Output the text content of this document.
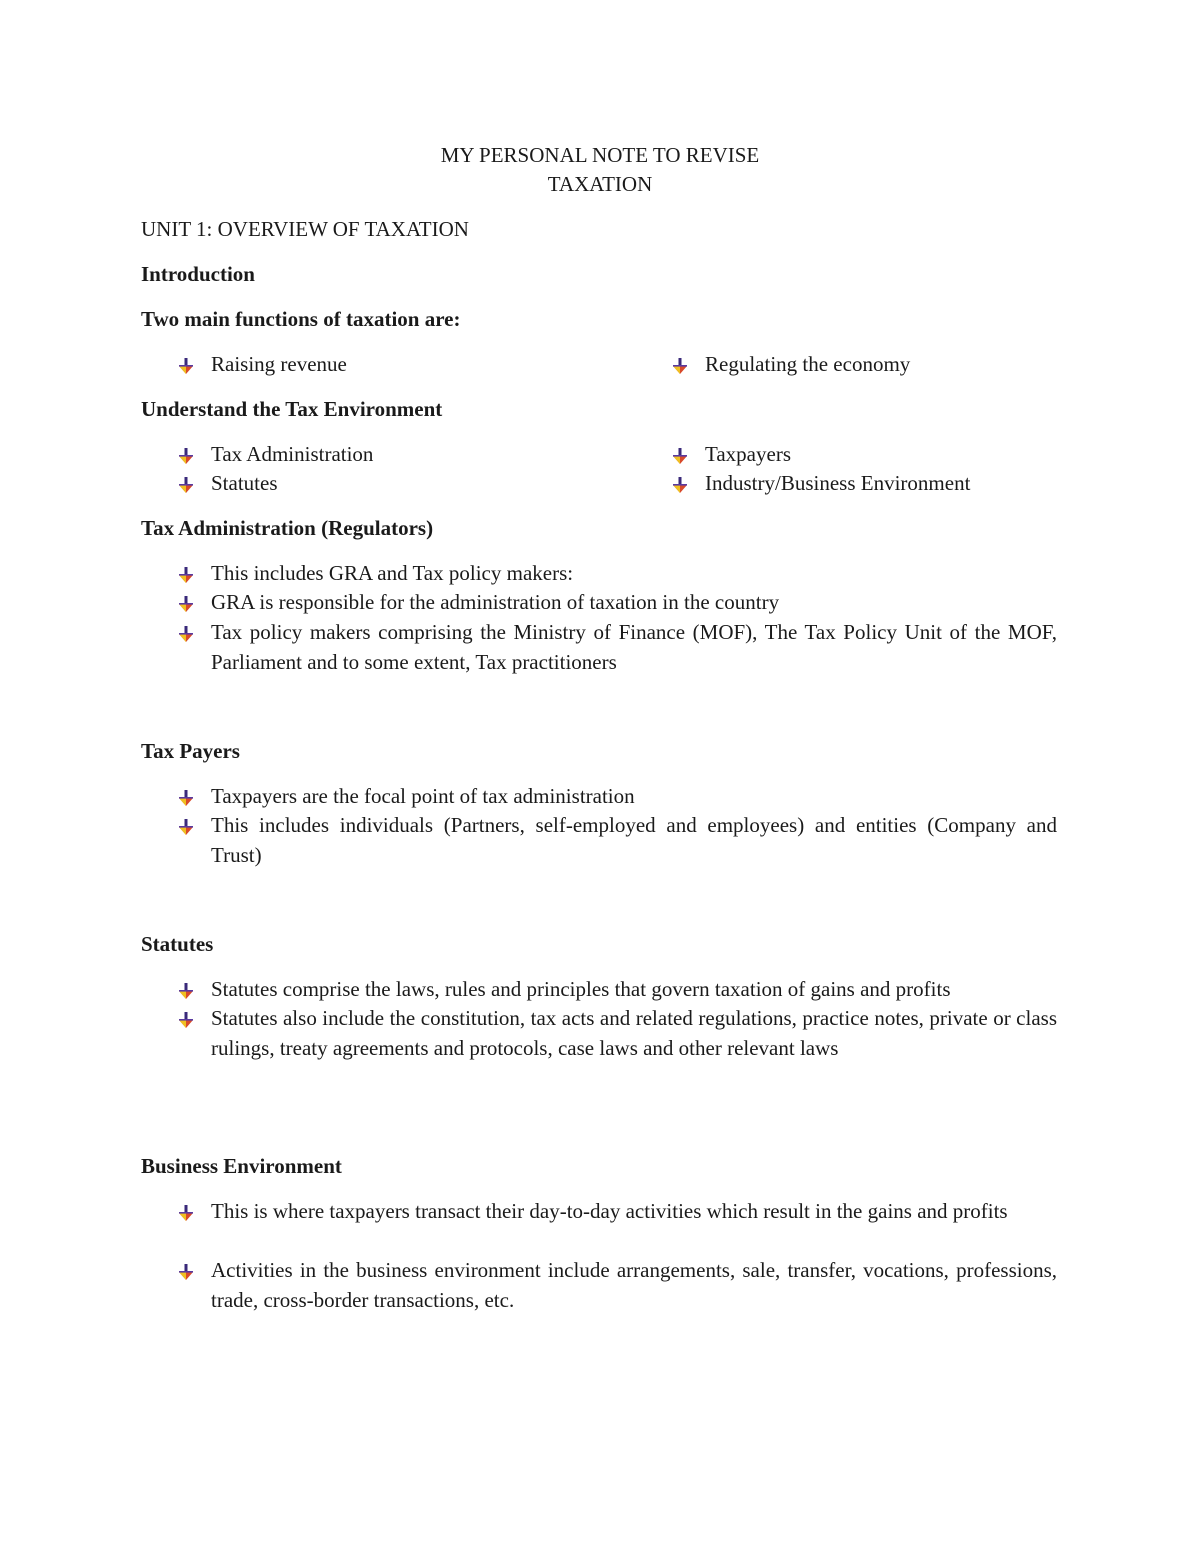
MY PERSONAL NOTE TO REVISE
TAXATION
UNIT 1: OVERVIEW OF TAXATION
Introduction
Two main functions of taxation are:
Raising revenue	Regulating the economy
Understand the Tax Environment
Tax Administration
Statutes
Taxpayers
Industry/Business Environment
Tax Administration (Regulators)
This includes GRA and Tax policy makers:
GRA is responsible for the administration of taxation in the country
Tax policy makers comprising the Ministry of Finance (MOF), The Tax Policy Unit of the MOF, Parliament and to some extent, Tax practitioners
Tax Payers
Taxpayers are the focal point of tax administration
This includes individuals (Partners, self-employed and employees) and entities (Company and Trust)
Statutes
Statutes comprise the laws, rules and principles that govern taxation of gains and profits
Statutes also include the constitution, tax acts and related regulations, practice notes, private or class rulings, treaty agreements and protocols, case laws and other relevant laws
Business Environment
This is where taxpayers transact their day-to-day activities which result in the gains and profits
Activities in the business environment include arrangements, sale, transfer, vocations, professions, trade, cross-border transactions, etc.
